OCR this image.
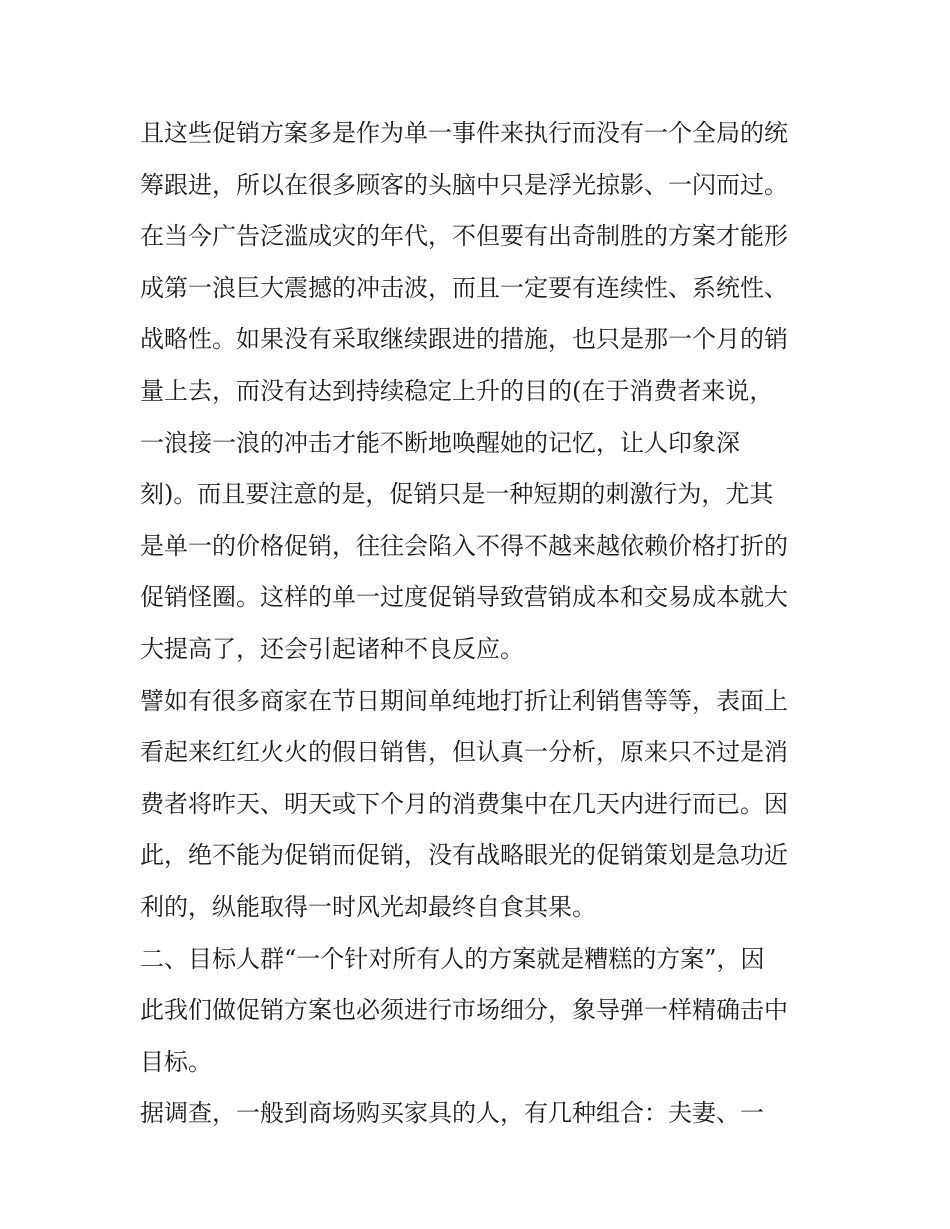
且这些促销方案多是作为单一事件来执行而没有一个全局的统
筹跟进，所以在很多顾客的头脑中只是浮光掠影、一闪而过。
在当今广告泛滥成灾的年代，不但要有出奇制胜的方案才能形
成第一浪巨大震撼的冲击波，而且一定要有连续性、系统性、
战略性。如果没有采取继续跟进的措施，也只是那一个月的销
量上去，而没有达到持续稳定上升的目的(在于消费者来说，
一浪接一浪的冲击才能不断地唤醒她的记忆，让人印象深
刻)。而且要注意的是，促销只是一种短期的刺激行为，尤其
是单一的价格促销，往往会陷入不得不越来越依赖价格打折的
促销怪圈。这样的单一过度促销导致营销成本和交易成本就大
大提高了，还会引起诸种不良反应。
譬如有很多商家在节日期间单纯地打折让利销售等等，表面上
看起来红红火火的假日销售，但认真一分析，原来只不过是消
费者将昨天、明天或下个月的消费集中在几天内进行而已。因
此，绝不能为促销而促销，没有战略眼光的促销策划是急功近
利的，纵能取得一时风光却最终自食其果。
二、目标人群“一个针对所有人的方案就是糟糕的方案”，因
此我们做促销方案也必须进行市场细分，象导弹一样精确击中
目标。
据调查，一般到商场购买家具的人，有几种组合：夫妻、一
